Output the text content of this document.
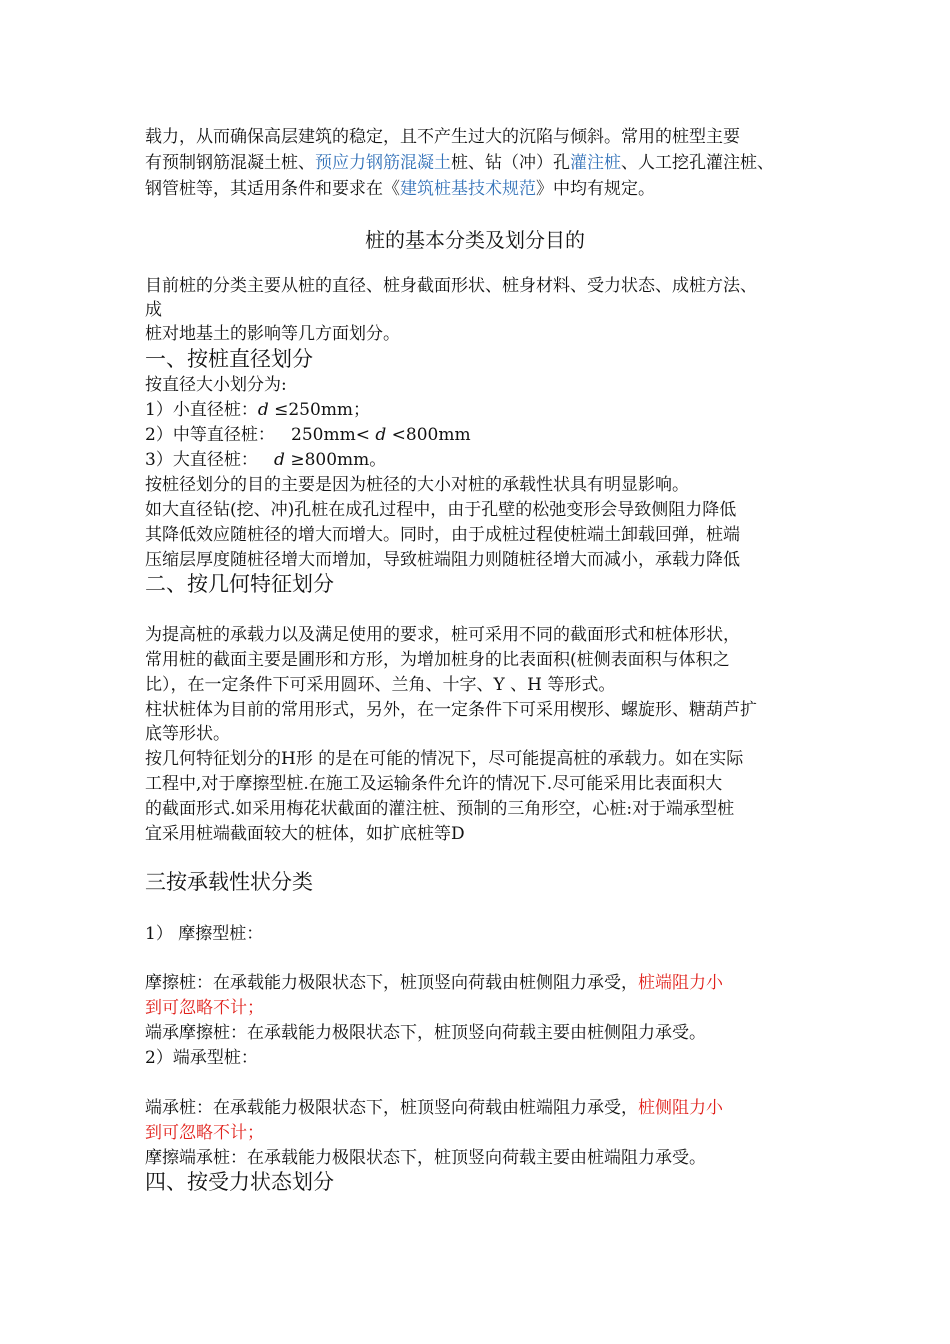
载力，从而确保高层建筑的稳定，且不产生过大的沉陷与倾斜。常用的桩型主要
有预制钢筋混凝土桩、预应力钢筋混凝土桩、钻（冲）孔灌注桩、人工挖孔灌注桩、
钢管桩等，其适用条件和要求在《建筑桩基技术规范》中均有规定。
桩的基本分类及划分目的
目前桩的分类主要从桩的直径、桩身截面形状、桩身材料、受力状态、成桩方法、
成
桩对地基土的影响等几方面划分。
一、按桩直径划分
按直径大小划分为:
1）小直径桩：d ≤250mm；
2）中等直径桩：   250mm< d <800mm
3）大直径桩：   d ≥800mm。
按桩径划分的目的主要是因为桩径的大小对桩的承载性状具有明显影响。
如大直径钻(挖、冲)孔桩在成孔过程中，由于孔壁的松弛变形会导致侧阻力降低
其降低效应随桩径的增大而增大。同时，由于成桩过程使桩端土卸载回弹，桩端
压缩层厚度随桩径增大而增加，导致桩端阻力则随桩径增大而减小，承载力降低
二、按几何特征划分
为提高桩的承载力以及满足使用的要求，桩可采用不同的截面形式和桩体形状，
常用桩的截面主要是圃形和方形，为增加桩身的比表面积(桩侧表面积与体积之
比），在一定条件下可采用圆环、兰角、十字、Y 、H 等形式。
柱状桩体为目前的常用形式，另外，在一定条件下可采用楔形、螺旋形、糖葫芦扩
底等形状。
按几何特征划分的H形 的是在可能的情况下，尽可能提高桩的承载力。如在实际
工程中,对于摩擦型桩.在施工及运输条件允许的情况下.尽可能采用比表面积大
的截面形式.如采用梅花状截面的灌注桩、预制的三角形空，心桩:对于端承型桩
宜采用桩端截面较大的桩体，如扩底桩等D
三按承载性状分类
1） 摩擦型桩：
摩擦桩：在承载能力极限状态下，桩顶竖向荷载由桩侧阻力承受，桩端阻力小
到可忽略不计；
端承摩擦桩：在承载能力极限状态下，桩顶竖向荷载主要由桩侧阻力承受。
2）端承型桩：
端承桩：在承载能力极限状态下，桩顶竖向荷载由桩端阻力承受，桩侧阻力小
到可忽略不计；
摩擦端承桩：在承载能力极限状态下，桩顶竖向荷载主要由桩端阻力承受。
四、按受力状态划分
